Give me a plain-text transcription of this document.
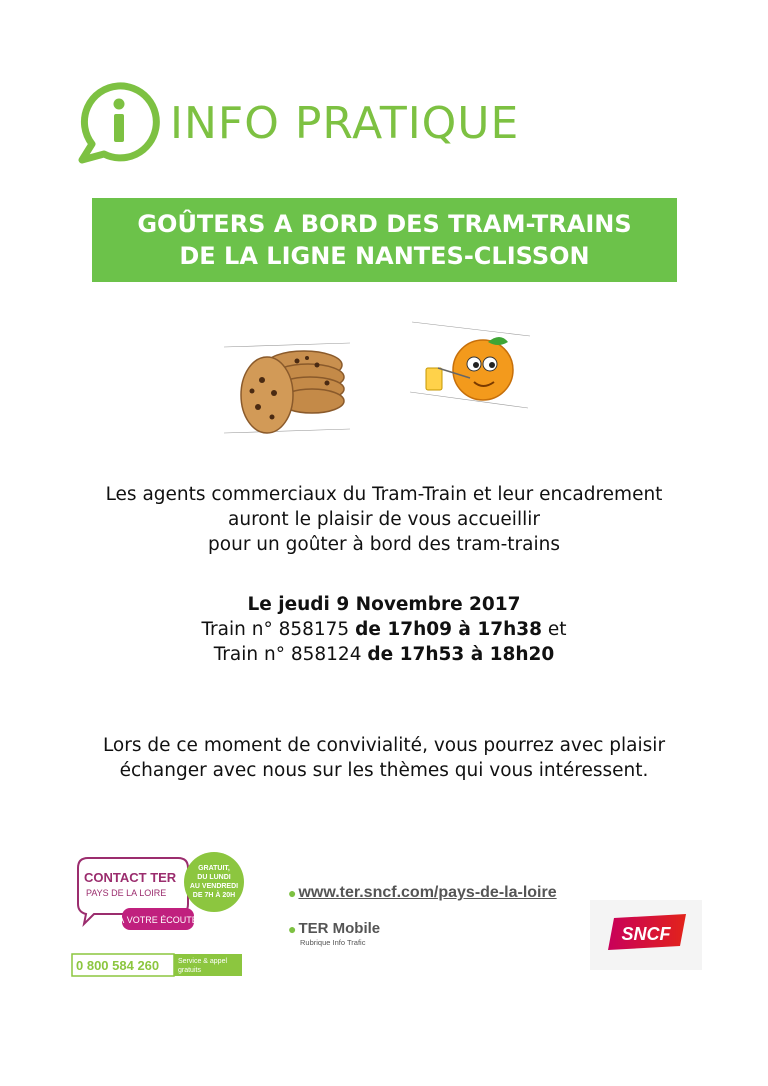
INFO PRATIQUE
GOÛTERS A BORD DES TRAM-TRAINS
DE LA LIGNE NANTES-CLISSON
Les agents commerciaux du Tram-Train et leur encadrement
auront le plaisir de vous accueillir
pour un goûter à bord des tram-trains
Le jeudi 9 Novembre 2017
Train n° 858175 de 17h09 à 17h38 et
Train n° 858124 de 17h53 à 18h20
Lors de ce moment de convivialité, vous pourrez avec plaisir
échanger avec nous sur les thèmes qui vous intéressent.
CONTACT TER
PAYS DE LA LOIRE
À VOTRE ÉCOUTE
GRATUIT,
DU LUNDI
AU VENDREDI
DE 7H À 20H
0 800 584 260	Service & appel
gratuits
● www.ter.sncf.com/pays-de-la-loire
● TER Mobile
Rubrique Info Trafic	SNCF
